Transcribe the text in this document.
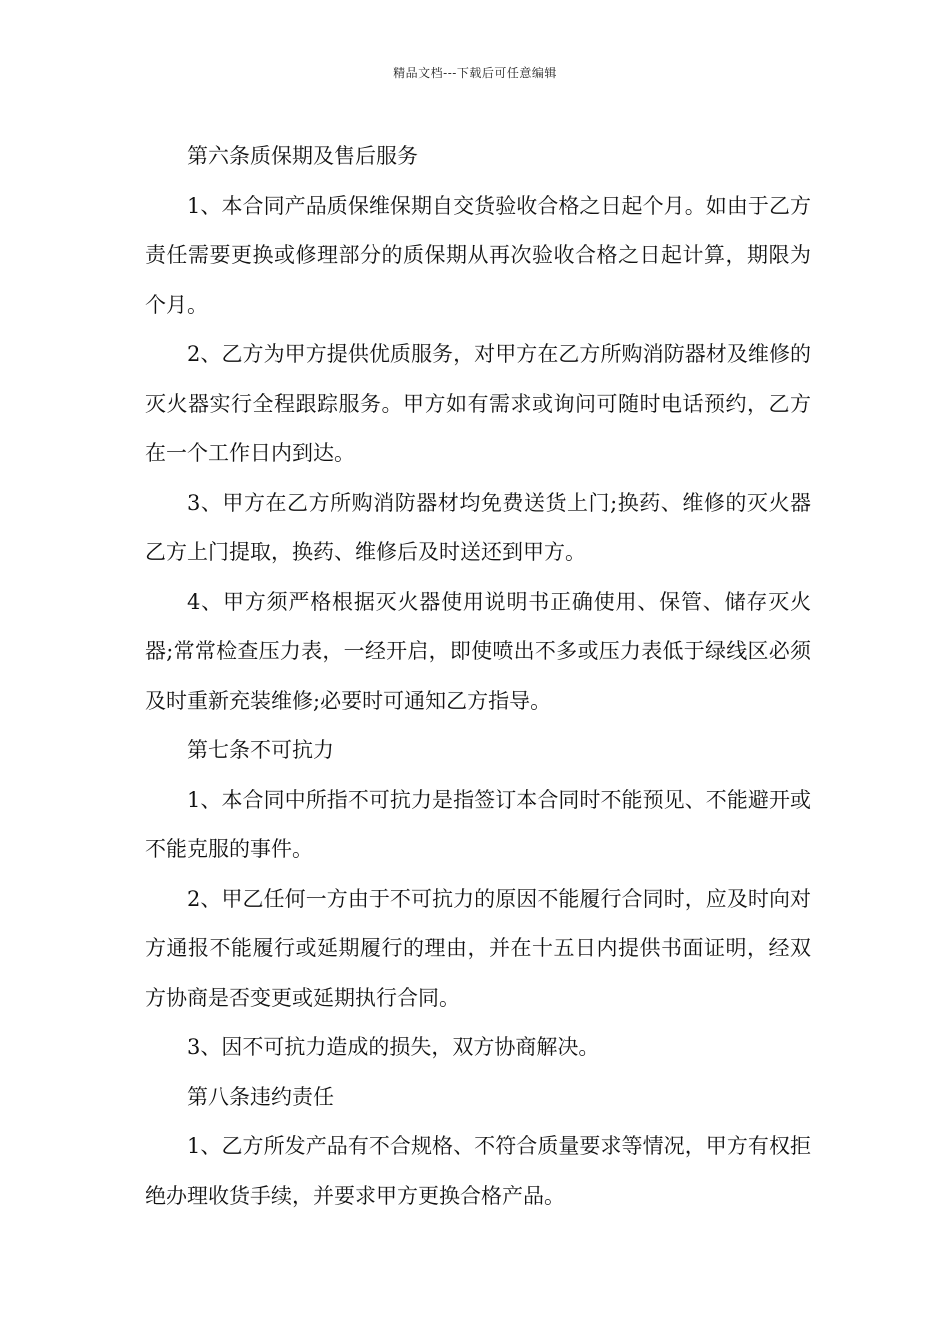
精品文档---下载后可任意编辑

第六条质保期及售后服务

1、本合同产品质保维保期自交货验收合格之日起个月。如由于乙方责任需要更换或修理部分的质保期从再次验收合格之日起计算，期限为个月。

2、乙方为甲方提供优质服务，对甲方在乙方所购消防器材及维修的灭火器实行全程跟踪服务。甲方如有需求或询问可随时电话预约，乙方在一个工作日内到达。

3、甲方在乙方所购消防器材均免费送货上门;换药、维修的灭火器乙方上门提取，换药、维修后及时送还到甲方。

4、甲方须严格根据灭火器使用说明书正确使用、保管、储存灭火器;常常检查压力表，一经开启，即使喷出不多或压力表低于绿线区必须及时重新充装维修;必要时可通知乙方指导。

第七条不可抗力

1、本合同中所指不可抗力是指签订本合同时不能预见、不能避开或不能克服的事件。

2、甲乙任何一方由于不可抗力的原因不能履行合同时，应及时向对方通报不能履行或延期履行的理由，并在十五日内提供书面证明，经双方协商是否变更或延期执行合同。

3、因不可抗力造成的损失，双方协商解决。

第八条违约责任

1、乙方所发产品有不合规格、不符合质量要求等情况，甲方有权拒绝办理收货手续，并要求甲方更换合格产品。
